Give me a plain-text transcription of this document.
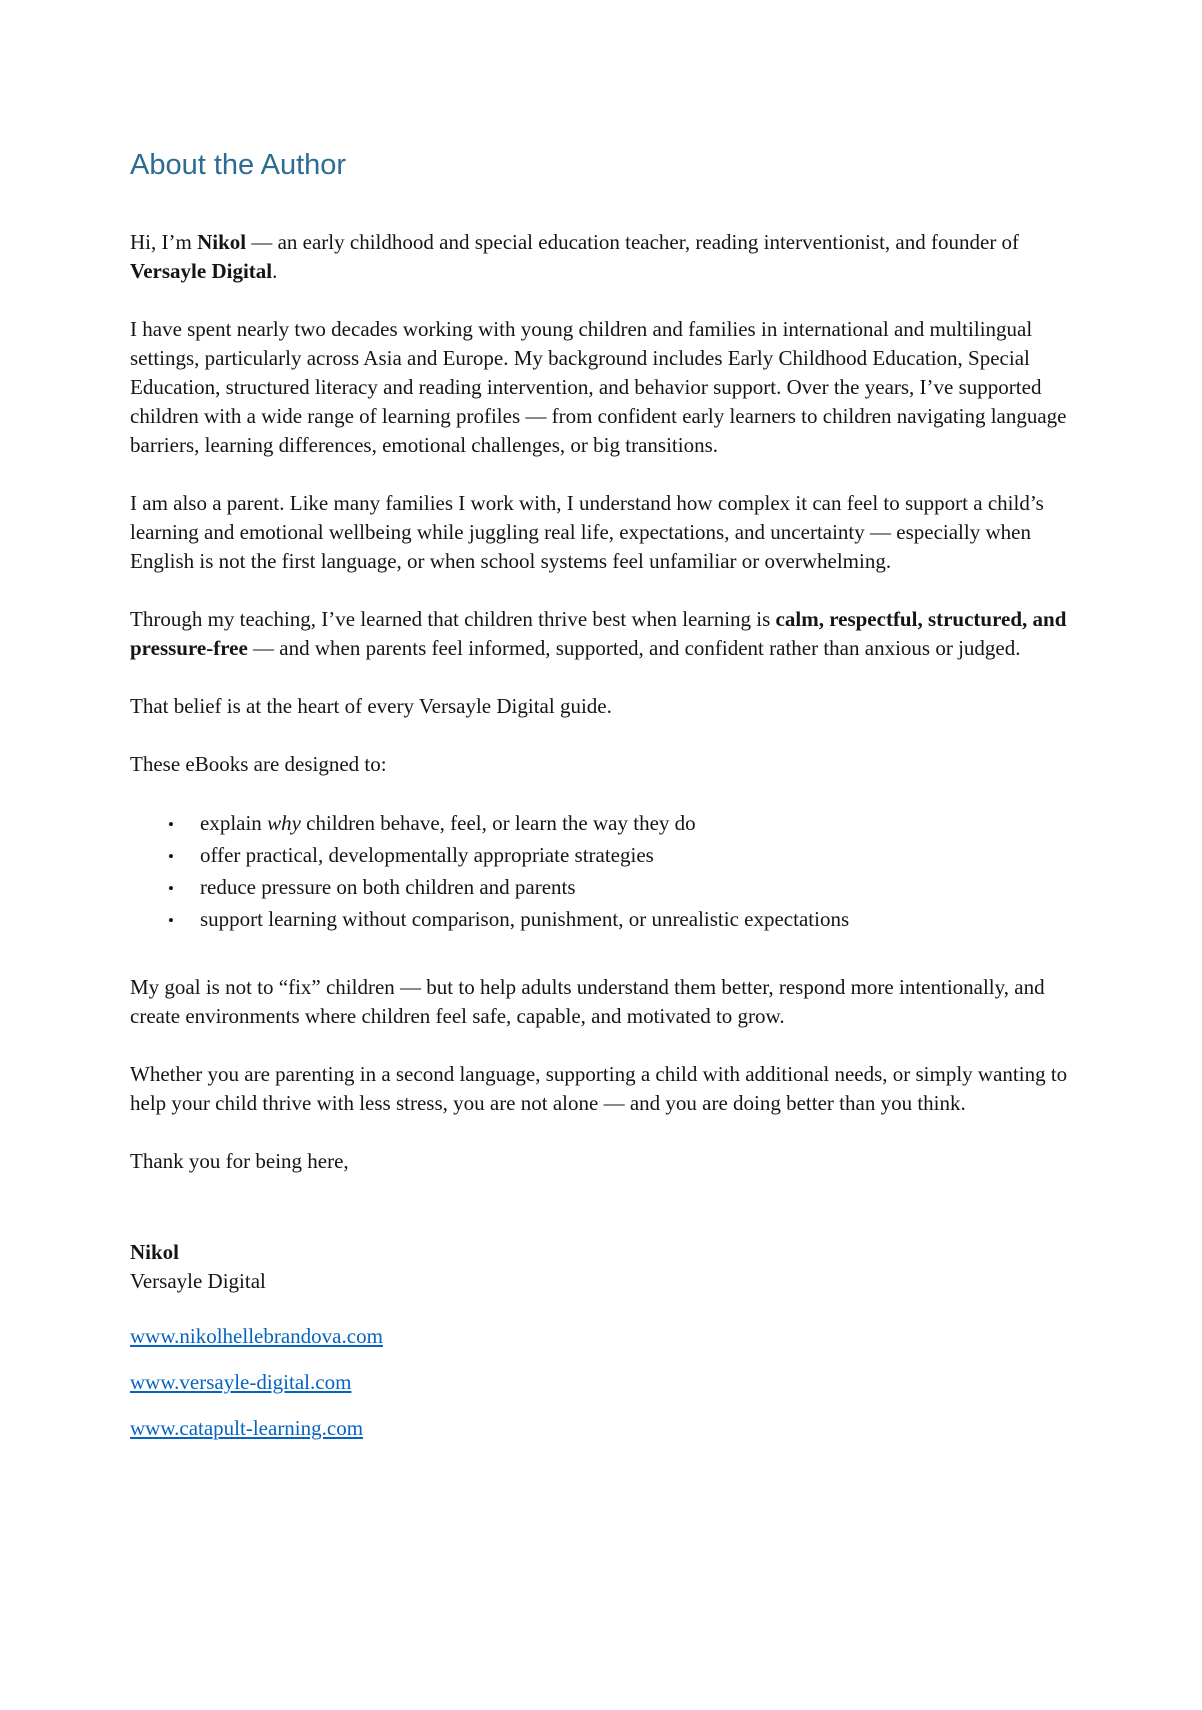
About the Author

Hi, I’m Nikol — an early childhood and special education teacher, reading interventionist, and founder of Versayle Digital.

I have spent nearly two decades working with young children and families in international and multilingual settings, particularly across Asia and Europe. My background includes Early Childhood Education, Special Education, structured literacy and reading intervention, and behavior support. Over the years, I’ve supported children with a wide range of learning profiles — from confident early learners to children navigating language barriers, learning differences, emotional challenges, or big transitions.

I am also a parent. Like many families I work with, I understand how complex it can feel to support a child’s learning and emotional wellbeing while juggling real life, expectations, and uncertainty — especially when English is not the first language, or when school systems feel unfamiliar or overwhelming.

Through my teaching, I’ve learned that children thrive best when learning is calm, respectful, structured, and pressure-free — and when parents feel informed, supported, and confident rather than anxious or judged.

That belief is at the heart of every Versayle Digital guide.

These eBooks are designed to:

•	explain why children behave, feel, or learn the way they do
•	offer practical, developmentally appropriate strategies
•	reduce pressure on both children and parents
•	support learning without comparison, punishment, or unrealistic expectations

My goal is not to “fix” children — but to help adults understand them better, respond more intentionally, and create environments where children feel safe, capable, and motivated to grow.

Whether you are parenting in a second language, supporting a child with additional needs, or simply wanting to help your child thrive with less stress, you are not alone — and you are doing better than you think.

Thank you for being here,

Nikol
Versayle Digital
www.nikolhellebrandova.com
www.versayle-digital.com
www.catapult-learning.com
